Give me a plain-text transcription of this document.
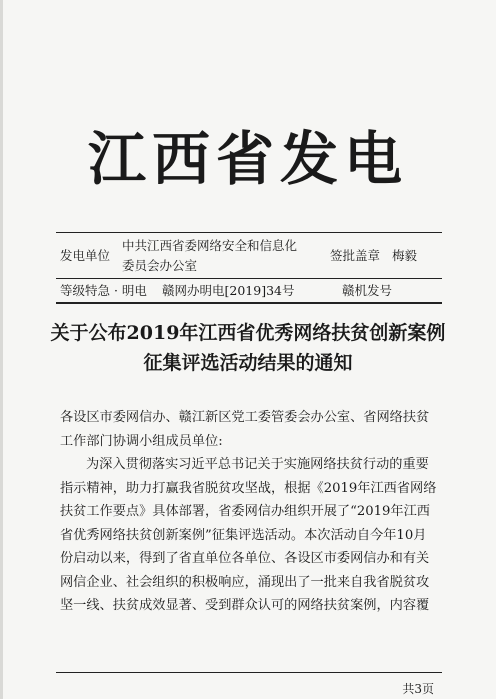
江西省发电
发电单位
中共江西省委网络安全和信息化
委员会办公室
签批盖章 梅毅
等级特急 · 明电 赣网办明电[2019]34号	赣机发号
关于公布2019年江西省优秀网络扶贫创新案例
征集评选活动结果的通知

各设区市委网信办、赣江新区党工委管委会办公室、省网络扶贫

工作部门协调小组成员单位:

为深入贯彻落实习近平总书记关于实施网络扶贫行动的重要

指示精神，助力打赢我省脱贫攻坚战，根据《2019年江西省网络

扶贫工作要点》具体部署，省委网信办组织开展了“2019年江西

省优秀网络扶贫创新案例”征集评选活动。本次活动自今年10月

份启动以来，得到了省直单位各单位、各设区市委网信办和有关

网信企业、社会组织的积极响应，涌现出了一批来自我省脱贫攻

坚一线、扶贫成效显著、受到群众认可的网络扶贫案例，内容覆

共3页
